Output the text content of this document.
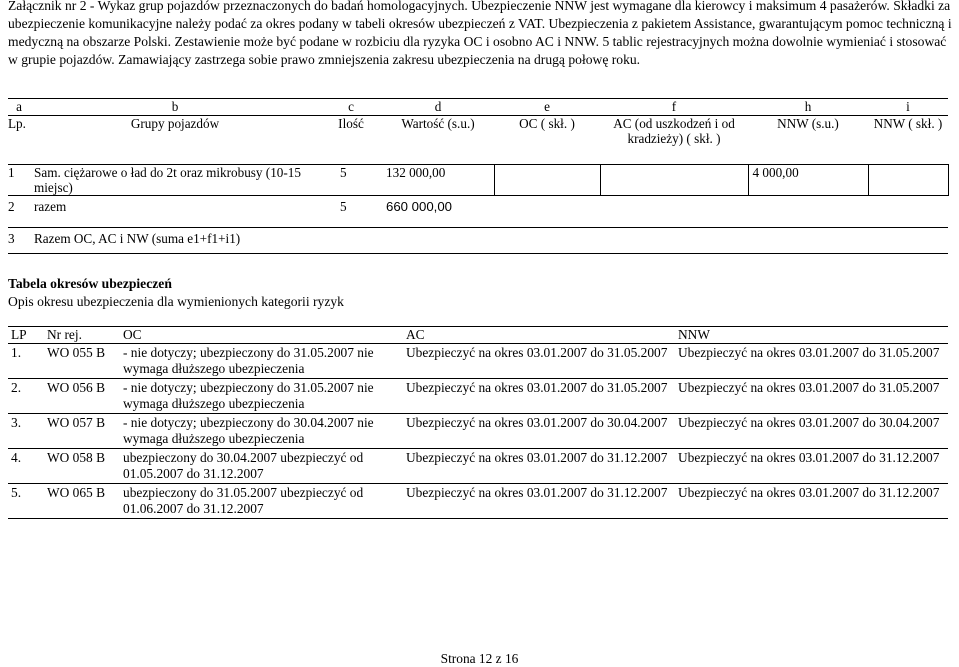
Załącznik nr 2 - Wykaz grup pojazdów przeznaczonych do badań homologacyjnych. Ubezpieczenie NNW jest wymagane dla kierowcy i maksimum 4 pasażerów. Składki za ubezpieczenie komunikacyjne należy podać za okres podany w tabeli okresów ubezpieczeń z VAT. Ubezpieczenia z pakietem Assistance, gwarantującym pomoc techniczną i medyczną na obszarze Polski. Zestawienie może być podane w rozbiciu dla ryzyka OC i osobno AC i NNW. 5 tablic rejestracyjnych można dowolnie wymieniać i stosować w grupie pojazdów. Zamawiający zastrzega sobie prawo zmniejszenia zakresu ubezpieczenia na drugą połowę roku.

a	b	c	d	e	f	h	i
Lp.	Grupy pojazdów	Ilość	Wartość (s.u.)	OC ( skł. )	AC (od uszkodzeń i od kradzieży) ( skł. )	NNW (s.u.)	NNW ( skł. )
1	Sam. ciężarowe o ład do 2t oraz mikrobusy (10-15 miejsc)	5	132 000,00			4 000,00	
2	razem	5	660 000,00				

3	Razem OC, AC i NW (suma e1+f1+i1)						

Tabela okresów ubezpieczeń

Opis okresu ubezpieczenia dla wymienionych kategorii ryzyk

LP	Nr rej.	OC	AC	NNW
1.	WO 055 B	- nie dotyczy; ubezpieczony do 31.05.2007 nie wymaga dłuższego ubezpieczenia	Ubezpieczyć na okres 03.01.2007 do 31.05.2007	Ubezpieczyć na okres 03.01.2007 do 31.05.2007
2.	WO 056 B	- nie dotyczy; ubezpieczony do 31.05.2007 nie wymaga dłuższego ubezpieczenia	Ubezpieczyć na okres 03.01.2007 do 31.05.2007	Ubezpieczyć na okres 03.01.2007 do 31.05.2007
3.	WO 057 B	- nie dotyczy; ubezpieczony do 30.04.2007 nie wymaga dłuższego ubezpieczenia	Ubezpieczyć na okres 03.01.2007 do 30.04.2007	Ubezpieczyć na okres 03.01.2007 do 30.04.2007
4.	WO 058 B	ubezpieczony do 30.04.2007 ubezpieczyć od 01.05.2007 do 31.12.2007	Ubezpieczyć na okres 03.01.2007 do 31.12.2007	Ubezpieczyć na okres 03.01.2007 do 31.12.2007
5.	WO 065 B	ubezpieczony do 31.05.2007 ubezpieczyć od 01.06.2007 do 31.12.2007	Ubezpieczyć na okres 03.01.2007 do 31.12.2007	Ubezpieczyć na okres 03.01.2007 do 31.12.2007

Strona 12 z 16
